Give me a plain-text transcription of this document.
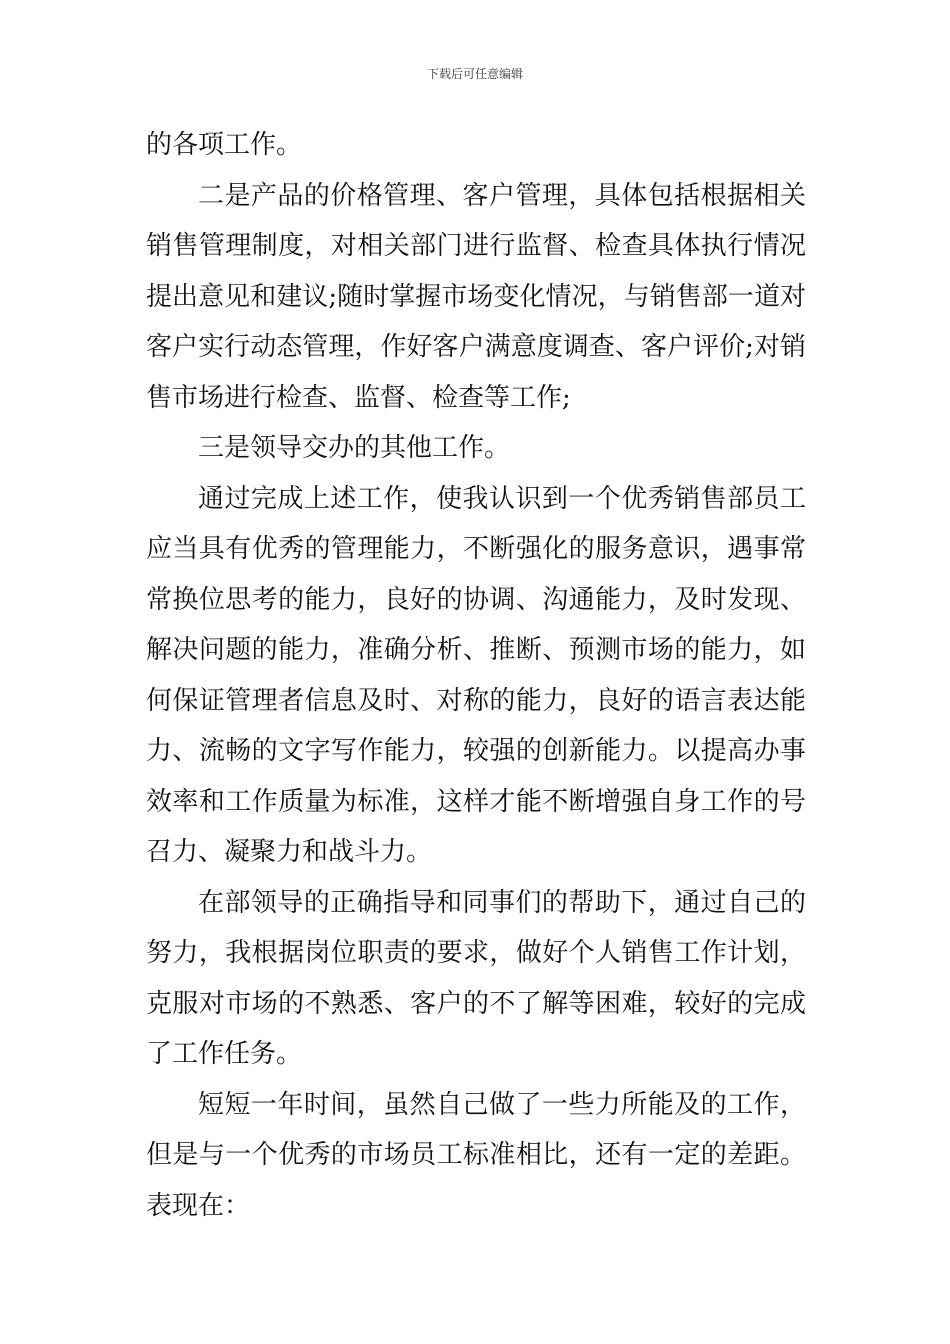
下载后可任意编辑

的各项工作。

二是产品的价格管理、客户管理，具体包括根据相关销售管理制度，对相关部门进行监督、检查具体执行情况提出意见和建议;随时掌握市场变化情况，与销售部一道对客户实行动态管理，作好客户满意度调查、客户评价;对销售市场进行检查、监督、检查等工作;

三是领导交办的其他工作。

通过完成上述工作，使我认识到一个优秀销售部员工应当具有优秀的管理能力，不断强化的服务意识，遇事常常换位思考的能力，良好的协调、沟通能力，及时发现、解决问题的能力，准确分析、推断、预测市场的能力，如何保证管理者信息及时、对称的能力，良好的语言表达能力、流畅的文字写作能力，较强的创新能力。以提高办事效率和工作质量为标准，这样才能不断增强自身工作的号召力、凝聚力和战斗力。

在部领导的正确指导和同事们的帮助下，通过自己的努力，我根据岗位职责的要求，做好个人销售工作计划，克服对市场的不熟悉、客户的不了解等困难，较好的完成了工作任务。

短短一年时间，虽然自己做了一些力所能及的工作，但是与一个优秀的市场员工标准相比，还有一定的差距。表现在：
